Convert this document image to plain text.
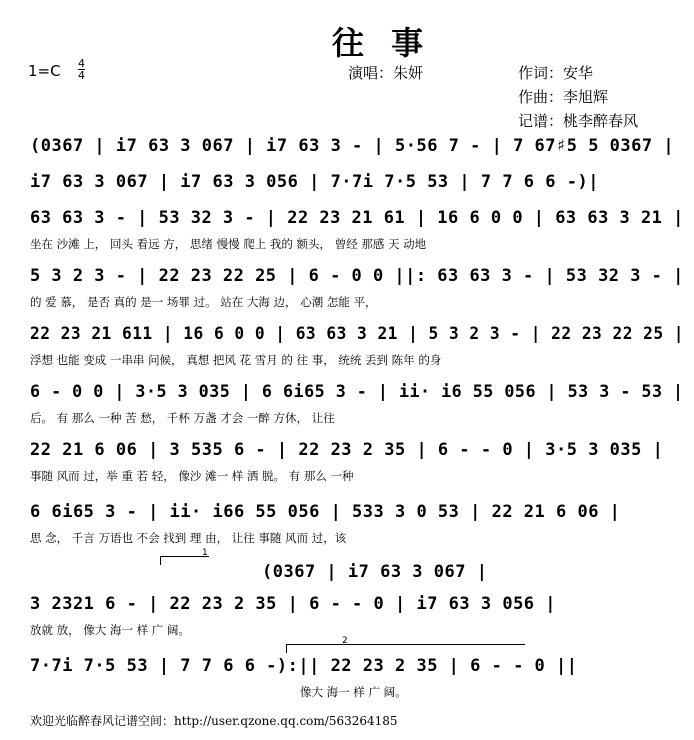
往 事
1=C 4
4	演唱：朱妍	作词：安华
作曲：李旭辉
记谱：桃李醉春风
(0367 | i7 63 3 067 | i7 63 3 - | 5·56 7 - | 7 67♯5 5 0367 |
i7 63 3 067 | i7 63 3 056 | 7·7i 7·5 53 | 7 7 6 6 -)|
63 63 3 - | 53 32 3 - | 22 23 21 61 | 16 6 0 0 | 63 63 3 21 |
坐在 沙滩 上， 回头 看远 方， 思绪 慢慢 爬上 我的 额头， 曾经 那感 天 动地
5 3 2 3 - | 22 23 22 25 | 6 - 0 0 ||: 63 63 3 - | 53 32 3 - |
的 爱 慕， 是否 真的 是一 场罪 过。 站在 大海 边， 心潮 怎能 平，
22 23 21 611 | 16 6 0 0 | 63 63 3 21 | 5 3 2 3 - | 22 23 22 25 |
浮想 也能 变成 一串串 问候， 真想 把风 花 雪月 的 往 事， 统统 丢到 陈年 的身
6 - 0 0 | 3·5 3 035 | 6 6i65 3 - | ii· i6 55 056 | 53 3 - 53 |
后。 有 那么 一种 苦 愁， 千杯 万盏 才会 一醉 方休， 让往
22 21 6 06 | 3 535 6 - | 22 23 2 35 | 6 - - 0 | 3·5 3 035 |
事随 风而 过，举 重 若 轻， 像沙 滩一 样 洒 脱。 有 那么 一种
6 6i65 3 - | ii· i66 55 056 | 533 3 0 53 | 22 21 6 06 |
思 念， 千言 万语也 不会 找到 理 由， 让往 事随 风而 过，该
1
(0367 | i7 63 3 067 |
3 2321 6 - | 22 23 2 35 | 6 - - 0 | i7 63 3 056 |
放就 放， 像大 海一 样 广 阔。
2
7·7i 7·5 53 | 7 7 6 6 -):|| 22 23 2 35 | 6 - - 0 ||
像大 海一 样 广 阔。
欢迎光临醉春风记谱空间：http://user.qzone.qq.com/563264185
